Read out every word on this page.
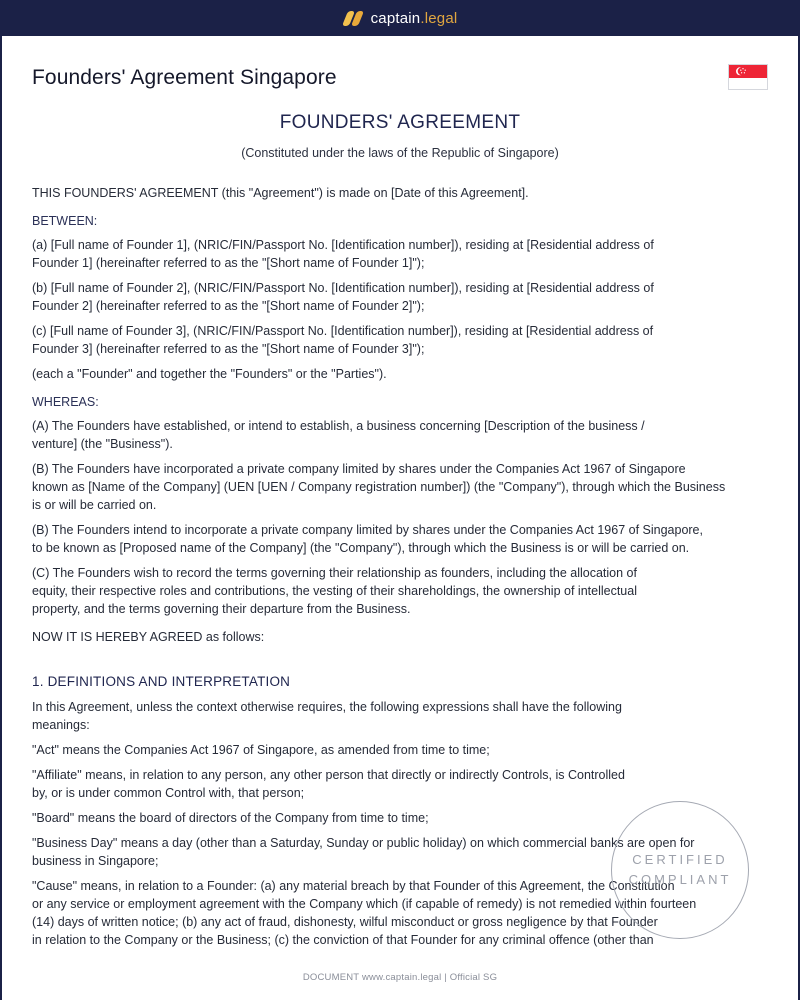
captain.legal
Founders' Agreement Singapore
FOUNDERS' AGREEMENT
(Constituted under the laws of the Republic of Singapore)
THIS FOUNDERS' AGREEMENT (this "Agreement") is made on [Date of this Agreement].
BETWEEN:
(a) [Full name of Founder 1], (NRIC/FIN/Passport No. [Identification number]), residing at [Residential address of
Founder 1] (hereinafter referred to as the "[Short name of Founder 1]");
(b) [Full name of Founder 2], (NRIC/FIN/Passport No. [Identification number]), residing at [Residential address of
Founder 2] (hereinafter referred to as the "[Short name of Founder 2]");
(c) [Full name of Founder 3], (NRIC/FIN/Passport No. [Identification number]), residing at [Residential address of
Founder 3] (hereinafter referred to as the "[Short name of Founder 3]");
(each a "Founder" and together the "Founders" or the "Parties").
WHEREAS:
(A) The Founders have established, or intend to establish, a business concerning [Description of the business /
venture] (the "Business").
(B) The Founders have incorporated a private company limited by shares under the Companies Act 1967 of Singapore
known as [Name of the Company] (UEN [UEN / Company registration number]) (the "Company"), through which the Business
is or will be carried on.
(B) The Founders intend to incorporate a private company limited by shares under the Companies Act 1967 of Singapore,
to be known as [Proposed name of the Company] (the "Company"), through which the Business is or will be carried on.
(C) The Founders wish to record the terms governing their relationship as founders, including the allocation of
equity, their respective roles and contributions, the vesting of their shareholdings, the ownership of intellectual
property, and the terms governing their departure from the Business.
NOW IT IS HEREBY AGREED as follows:
1. DEFINITIONS AND INTERPRETATION
In this Agreement, unless the context otherwise requires, the following expressions shall have the following
meanings:
"Act" means the Companies Act 1967 of Singapore, as amended from time to time;
"Affiliate" means, in relation to any person, any other person that directly or indirectly Controls, is Controlled
by, or is under common Control with, that person;
"Board" means the board of directors of the Company from time to time;
"Business Day" means a day (other than a Saturday, Sunday or public holiday) on which commercial banks are open for
business in Singapore;
"Cause" means, in relation to a Founder: (a) any material breach by that Founder of this Agreement, the Constitution
or any service or employment agreement with the Company which (if capable of remedy) is not remedied within fourteen
(14) days of written notice; (b) any act of fraud, dishonesty, wilful misconduct or gross negligence by that Founder
in relation to the Company or the Business; (c) the conviction of that Founder for any criminal offence (other than
CERTIFIED
COMPLIANT
DOCUMENT www.captain.legal | Official SG
